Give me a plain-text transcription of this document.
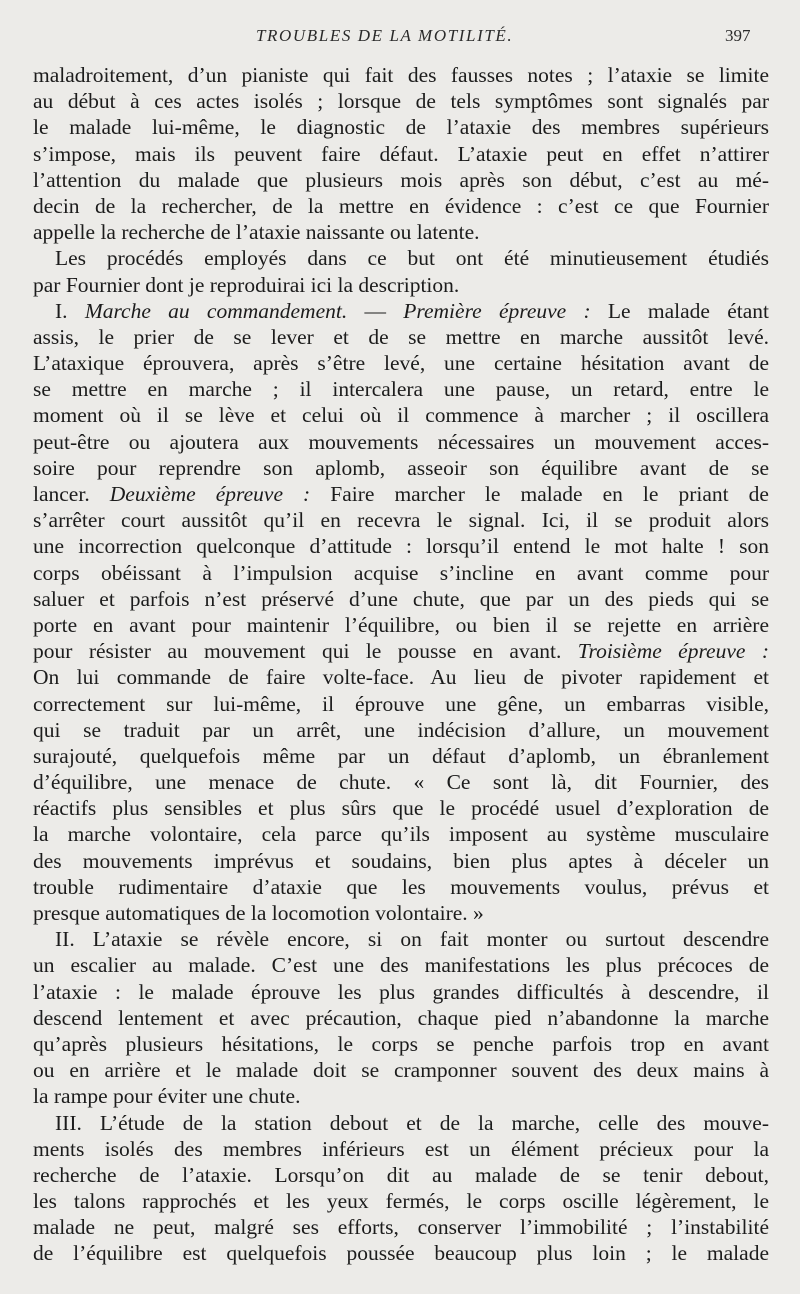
TROUBLES DE LA MOTILITÉ.	397
maladroitement, d’un pianiste qui fait des fausses notes ; l’ataxie se limite
au début à ces actes isolés ; lorsque de tels symptômes sont signalés par
le malade lui-même, le diagnostic de l’ataxie des membres supérieurs
s’impose, mais ils peuvent faire défaut. L’ataxie peut en effet n’attirer
l’attention du malade que plusieurs mois après son début, c’est au mé-
decin de la rechercher, de la mettre en évidence : c’est ce que Fournier
appelle la recherche de l’ataxie naissante ou latente.
Les procédés employés dans ce but ont été minutieusement étudiés
par Fournier dont je reproduirai ici la description.
I. Marche au commandement. — Première épreuve : Le malade étant
assis, le prier de se lever et de se mettre en marche aussitôt levé.
L’ataxique éprouvera, après s’être levé, une certaine hésitation avant de
se mettre en marche ; il intercalera une pause, un retard, entre le
moment où il se lève et celui où il commence à marcher ; il oscillera
peut-être ou ajoutera aux mouvements nécessaires un mouvement acces-
soire pour reprendre son aplomb, asseoir son équilibre avant de se
lancer. Deuxième épreuve : Faire marcher le malade en le priant de
s’arrêter court aussitôt qu’il en recevra le signal. Ici, il se produit alors
une incorrection quelconque d’attitude : lorsqu’il entend le mot halte ! son
corps obéissant à l’impulsion acquise s’incline en avant comme pour
saluer et parfois n’est préservé d’une chute, que par un des pieds qui se
porte en avant pour maintenir l’équilibre, ou bien il se rejette en arrière
pour résister au mouvement qui le pousse en avant. Troisième épreuve :
On lui commande de faire volte-face. Au lieu de pivoter rapidement et
correctement sur lui-même, il éprouve une gêne, un embarras visible,
qui se traduit par un arrêt, une indécision d’allure, un mouvement
surajouté, quelquefois même par un défaut d’aplomb, un ébranlement
d’équilibre, une menace de chute. « Ce sont là, dit Fournier, des
réactifs plus sensibles et plus sûrs que le procédé usuel d’exploration de
la marche volontaire, cela parce qu’ils imposent au système musculaire
des mouvements imprévus et soudains, bien plus aptes à déceler un
trouble rudimentaire d’ataxie que les mouvements voulus, prévus et
presque automatiques de la locomotion volontaire. »
II. L’ataxie se révèle encore, si on fait monter ou surtout descendre
un escalier au malade. C’est une des manifestations les plus précoces de
l’ataxie : le malade éprouve les plus grandes difficultés à descendre, il
descend lentement et avec précaution, chaque pied n’abandonne la marche
qu’après plusieurs hésitations, le corps se penche parfois trop en avant
ou en arrière et le malade doit se cramponner souvent des deux mains à
la rampe pour éviter une chute.
III. L’étude de la station debout et de la marche, celle des mouve-
ments isolés des membres inférieurs est un élément précieux pour la
recherche de l’ataxie. Lorsqu’on dit au malade de se tenir debout,
les talons rapprochés et les yeux fermés, le corps oscille légèrement, le
malade ne peut, malgré ses efforts, conserver l’immobilité ; l’instabilité
de l’équilibre est quelquefois poussée beaucoup plus loin ; le malade
